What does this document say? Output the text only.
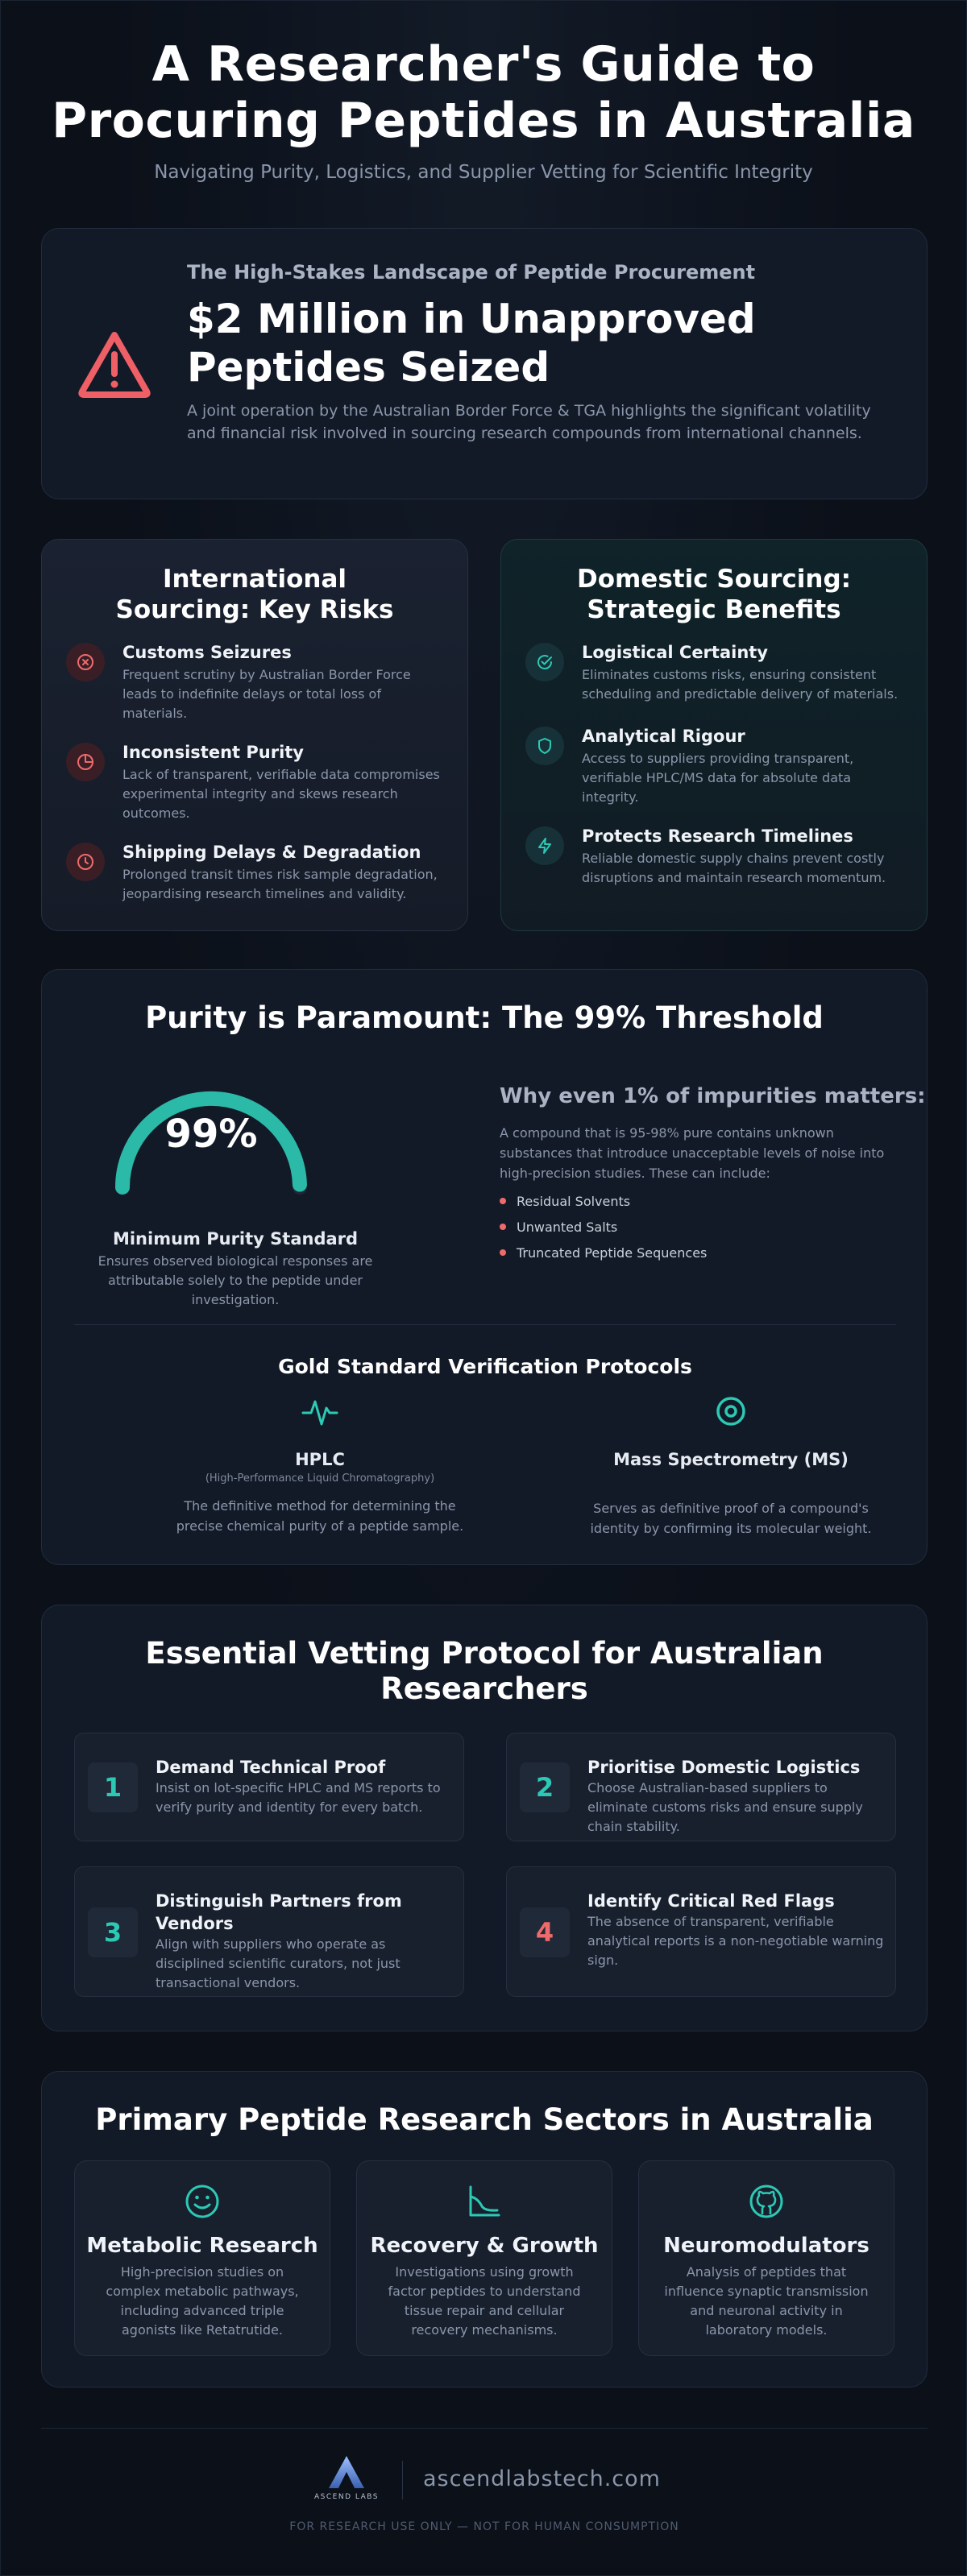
A Researcher's Guide to
Procuring Peptides in Australia
Navigating Purity, Logistics, and Supplier Vetting for Scientific Integrity
The High-Stakes Landscape of Peptide Procurement
$2 Million in Unapproved Peptides Seized
A joint operation by the Australian Border Force & TGA highlights the significant volatility and financial risk involved in sourcing research compounds from international channels.
International Sourcing: Key Risks
Customs Seizures
Frequent scrutiny by Australian Border Force leads to indefinite delays or total loss of materials.
Inconsistent Purity
Lack of transparent, verifiable data compromises experimental integrity and skews research outcomes.
Shipping Delays & Degradation
Prolonged transit times risk sample degradation, jeopardising research timelines and validity.
Domestic Sourcing: Strategic Benefits
Logistical Certainty
Eliminates customs risks, ensuring consistent scheduling and predictable delivery of materials.
Analytical Rigour
Access to suppliers providing transparent, verifiable HPLC/MS data for absolute data integrity.
Protects Research Timelines
Reliable domestic supply chains prevent costly disruptions and maintain research momentum.
Purity is Paramount: The 99% Threshold
99%
Minimum Purity Standard
Ensures observed biological responses are attributable solely to the peptide under investigation.
Why even 1% of impurities matters:
A compound that is 95-98% pure contains unknown substances that introduce unacceptable levels of noise into high-precision studies. These can include:
Residual Solvents
Unwanted Salts
Truncated Peptide Sequences
Gold Standard Verification Protocols
HPLC
(High-Performance Liquid Chromatography)
The definitive method for determining the precise chemical purity of a peptide sample.
Mass Spectrometry (MS)
Serves as definitive proof of a compound's identity by confirming its molecular weight.
Essential Vetting Protocol for Australian Researchers
1
Demand Technical Proof
Insist on lot-specific HPLC and MS reports to verify purity and identity for every batch.
2
Prioritise Domestic Logistics
Choose Australian-based suppliers to eliminate customs risks and ensure supply chain stability.
3
Distinguish Partners from Vendors
Align with suppliers who operate as disciplined scientific curators, not just transactional vendors.
4
Identify Critical Red Flags
The absence of transparent, verifiable analytical reports is a non-negotiable warning sign.
Primary Peptide Research Sectors in Australia
Metabolic Research
High-precision studies on complex metabolic pathways, including advanced triple agonists like Retatrutide.
Recovery & Growth
Investigations using growth factor peptides to understand tissue repair and cellular recovery mechanisms.
Neuromodulators
Analysis of peptides that influence synaptic transmission and neuronal activity in laboratory models.
ASCEND LABS
ascendlabstech.com
FOR RESEARCH USE ONLY — NOT FOR HUMAN CONSUMPTION
